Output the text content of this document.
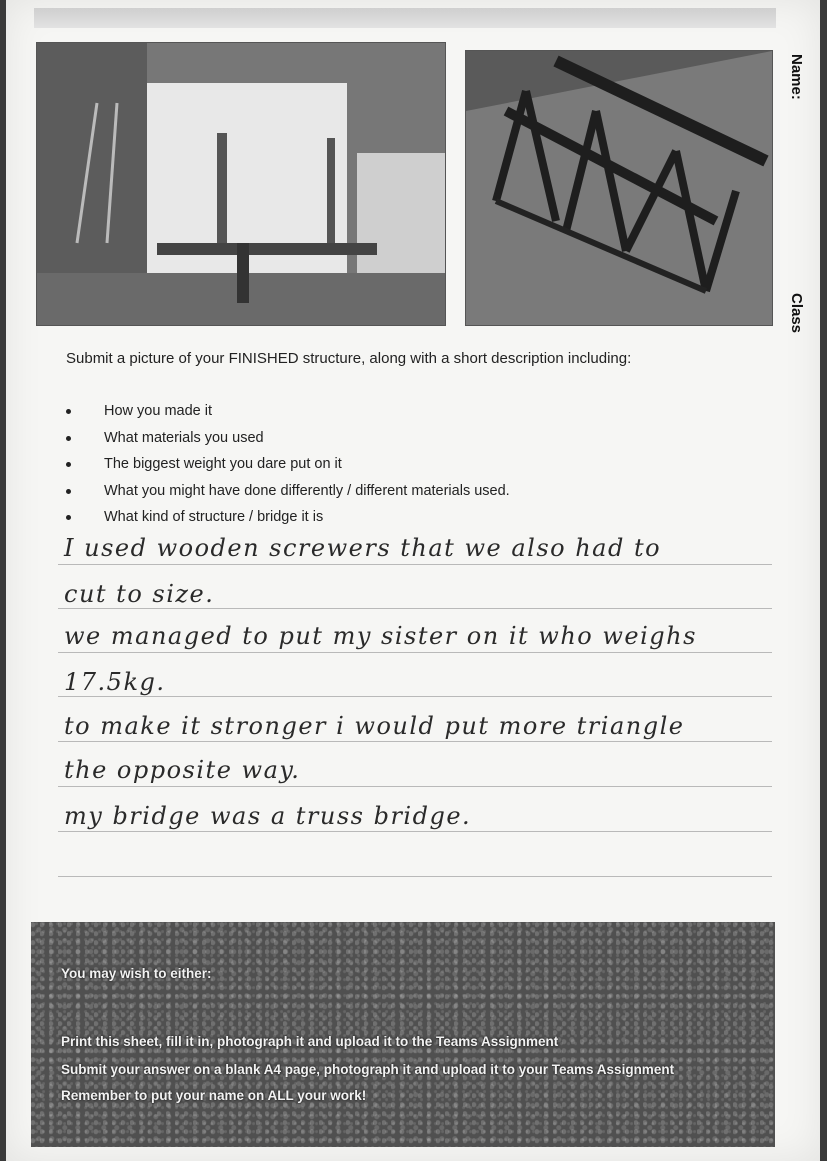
Name:
Class
Submit a picture of your FINISHED structure, along with a short description including:
How you made it
What materials you used
The biggest weight you dare put on it
What you might have done differently / different materials used.
What kind of structure / bridge it is
I used wooden screwers that we also had to
cut to size.
we managed to put my sister on it who weighs
17.5kg.
to make it stronger i would put more triangle
the opposite way.
my bridge was a truss bridge.
You may wish to either:
Print this sheet, fill it in, photograph it and upload it to the Teams Assignment
Submit your answer on a blank A4 page, photograph it and upload it to your Teams Assignment
Remember to put your name on ALL your work!
